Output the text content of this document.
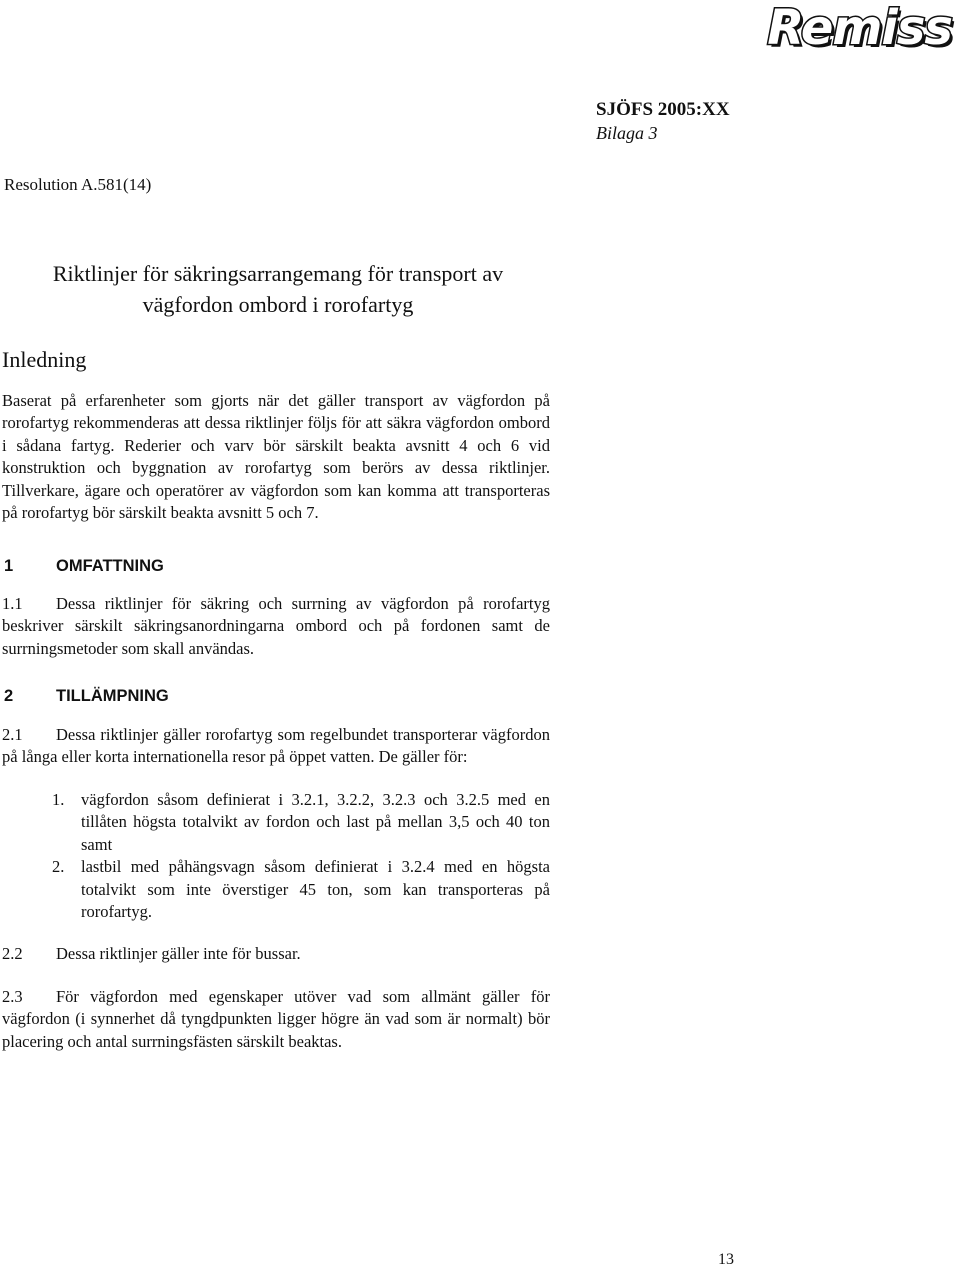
Remiss
SJÖFS 2005:XX
Bilaga 3
Resolution A.581(14)
Riktlinjer för säkringsarrangemang för transport av
vägfordon ombord i rorofartyg
Inledning

Baserat på erfarenheter som gjorts när det gäller transport av vägfordon på rorofartyg rekommenderas att dessa riktlinjer följs för att säkra vägfordon ombord i sådana fartyg. Rederier och varv bör särskilt beakta avsnitt 4 och 6 vid konstruktion och byggnation av rorofartyg som berörs av dessa riktlinjer. Tillverkare, ägare och operatörer av vägfordon som kan komma att transporteras på rorofartyg bör särskilt beakta avsnitt 5 och 7.

1	OMFATTNING

1.1 Dessa riktlinjer för säkring och surrning av vägfordon på rorofartyg beskriver särskilt säkringsanordningarna ombord och på fordonen samt de surrningsmetoder som skall användas.

2	TILLÄMPNING

2.1 Dessa riktlinjer gäller rorofartyg som regelbundet transporterar vägfordon på långa eller korta internationella resor på öppet vatten. De gäller för:

1. vägfordon såsom definierat i 3.2.1, 3.2.2, 3.2.3 och 3.2.5 med en tillåten högsta totalvikt av fordon och last på mellan 3,5 och 40 ton samt
2. lastbil med påhängsvagn såsom definierat i 3.2.4 med en högsta totalvikt som inte överstiger 45 ton, som kan transporteras på rorofartyg.

2.2 Dessa riktlinjer gäller inte för bussar.

2.3 För vägfordon med egenskaper utöver vad som allmänt gäller för vägfordon (i synnerhet då tyngdpunkten ligger högre än vad som är normalt) bör placering och antal surrningsfästen särskilt beaktas.

13
